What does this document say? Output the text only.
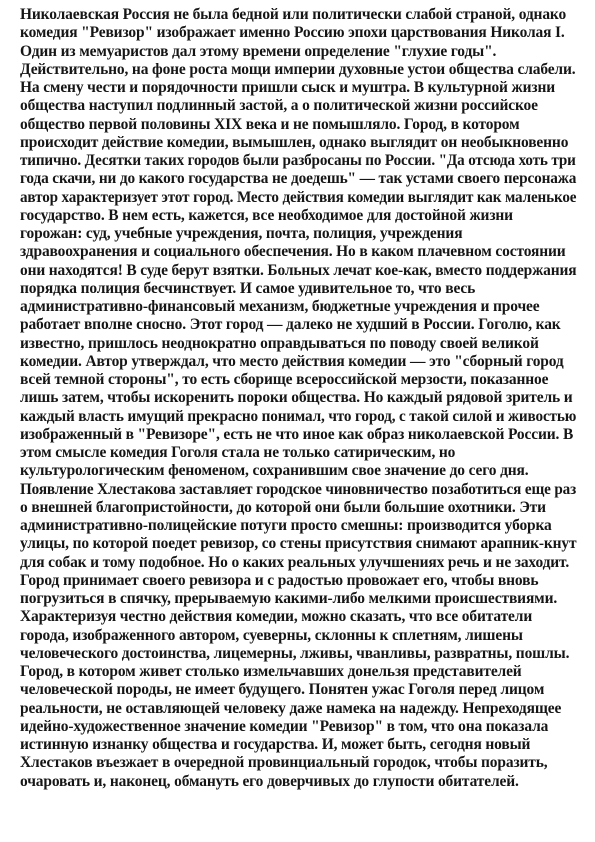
Николаевская Россия не была бедной или политически слабой страной, однако
комедия "Ревизор" изображает именно Россию эпохи царствования Николая I.
Один из мемуаристов дал этому времени определение "глухие годы".
Действительно, на фоне роста мощи империи духовные устои общества слабели.
На смену чести и порядочности пришли сыск и муштра. В культурной жизни
общества наступил подлинный застой, а о политической жизни российское
общество первой половины XIX века и не помышляло. Город, в котором
происходит действие комедии, вымышлен, однако выглядит он необыкновенно
типично. Десятки таких городов были разбросаны по России. "Да отсюда хоть три
года скачи, ни до какого государства не доедешь" — так устами своего персонажа
автор характеризует этот город. Место действия комедии выглядит как маленькое
государство. В нем есть, кажется, все необходимое для достойной жизни
горожан: суд, учебные учреждения, почта, полиция, учреждения
здравоохранения и социального обеспечения. Но в каком плачевном состоянии
они находятся! В суде берут взятки. Больных лечат кое-как, вместо поддержания
порядка полиция бесчинствует. И самое удивительное то, что весь
административно-финансовый механизм, бюджетные учреждения и прочее
работает вполне сносно. Этот город — далеко не худший в России. Гоголю, как
известно, пришлось неоднократно оправдываться по поводу своей великой
комедии. Автор утверждал, что место действия комедии — это "сборный город
всей темной стороны", то есть сборище всероссийской мерзости, показанное
лишь затем, чтобы искоренить пороки общества. Но каждый рядовой зритель и
каждый власть имущий прекрасно понимал, что город, с такой силой и живостью
изображенный в "Ревизоре", есть не что иное как образ николаевской России. В
этом смысле комедия Гоголя стала не только сатирическим, но
культурологическим феноменом, сохранившим свое значение до сего дня.
Появление Хлестакова заставляет городское чиновничество позаботиться еще раз
о внешней благопристойности, до которой они были большие охотники. Эти
административно-полицейские потуги просто смешны: производится уборка
улицы, по которой поедет ревизор, со стены присутствия снимают арапник-кнут
для собак и тому подобное. Но о каких реальных улучшениях речь и не заходит.
Город принимает своего ревизора и с радостью провожает его, чтобы вновь
погрузиться в спячку, прерываемую какими-либо мелкими происшествиями.
Характеризуя честно действия комедии, можно сказать, что все обитатели
города, изображенного автором, суеверны, склонны к сплетням, лишены
человеческого достоинства, лицемерны, лживы, чванливы, развратны, пошлы.
Город, в котором живет столько измельчавших донельзя представителей
человеческой породы, не имеет будущего. Понятен ужас Гоголя перед лицом
реальности, не оставляющей человеку даже намека на надежду. Непреходящее
идейно-художественное значение комедии "Ревизор" в том, что она показала
истинную изнанку общества и государства. И, может быть, сегодня новый
Хлестаков въезжает в очередной провинциальный городок, чтобы поразить,
очаровать и, наконец, обмануть его доверчивых до глупости обитателей.
